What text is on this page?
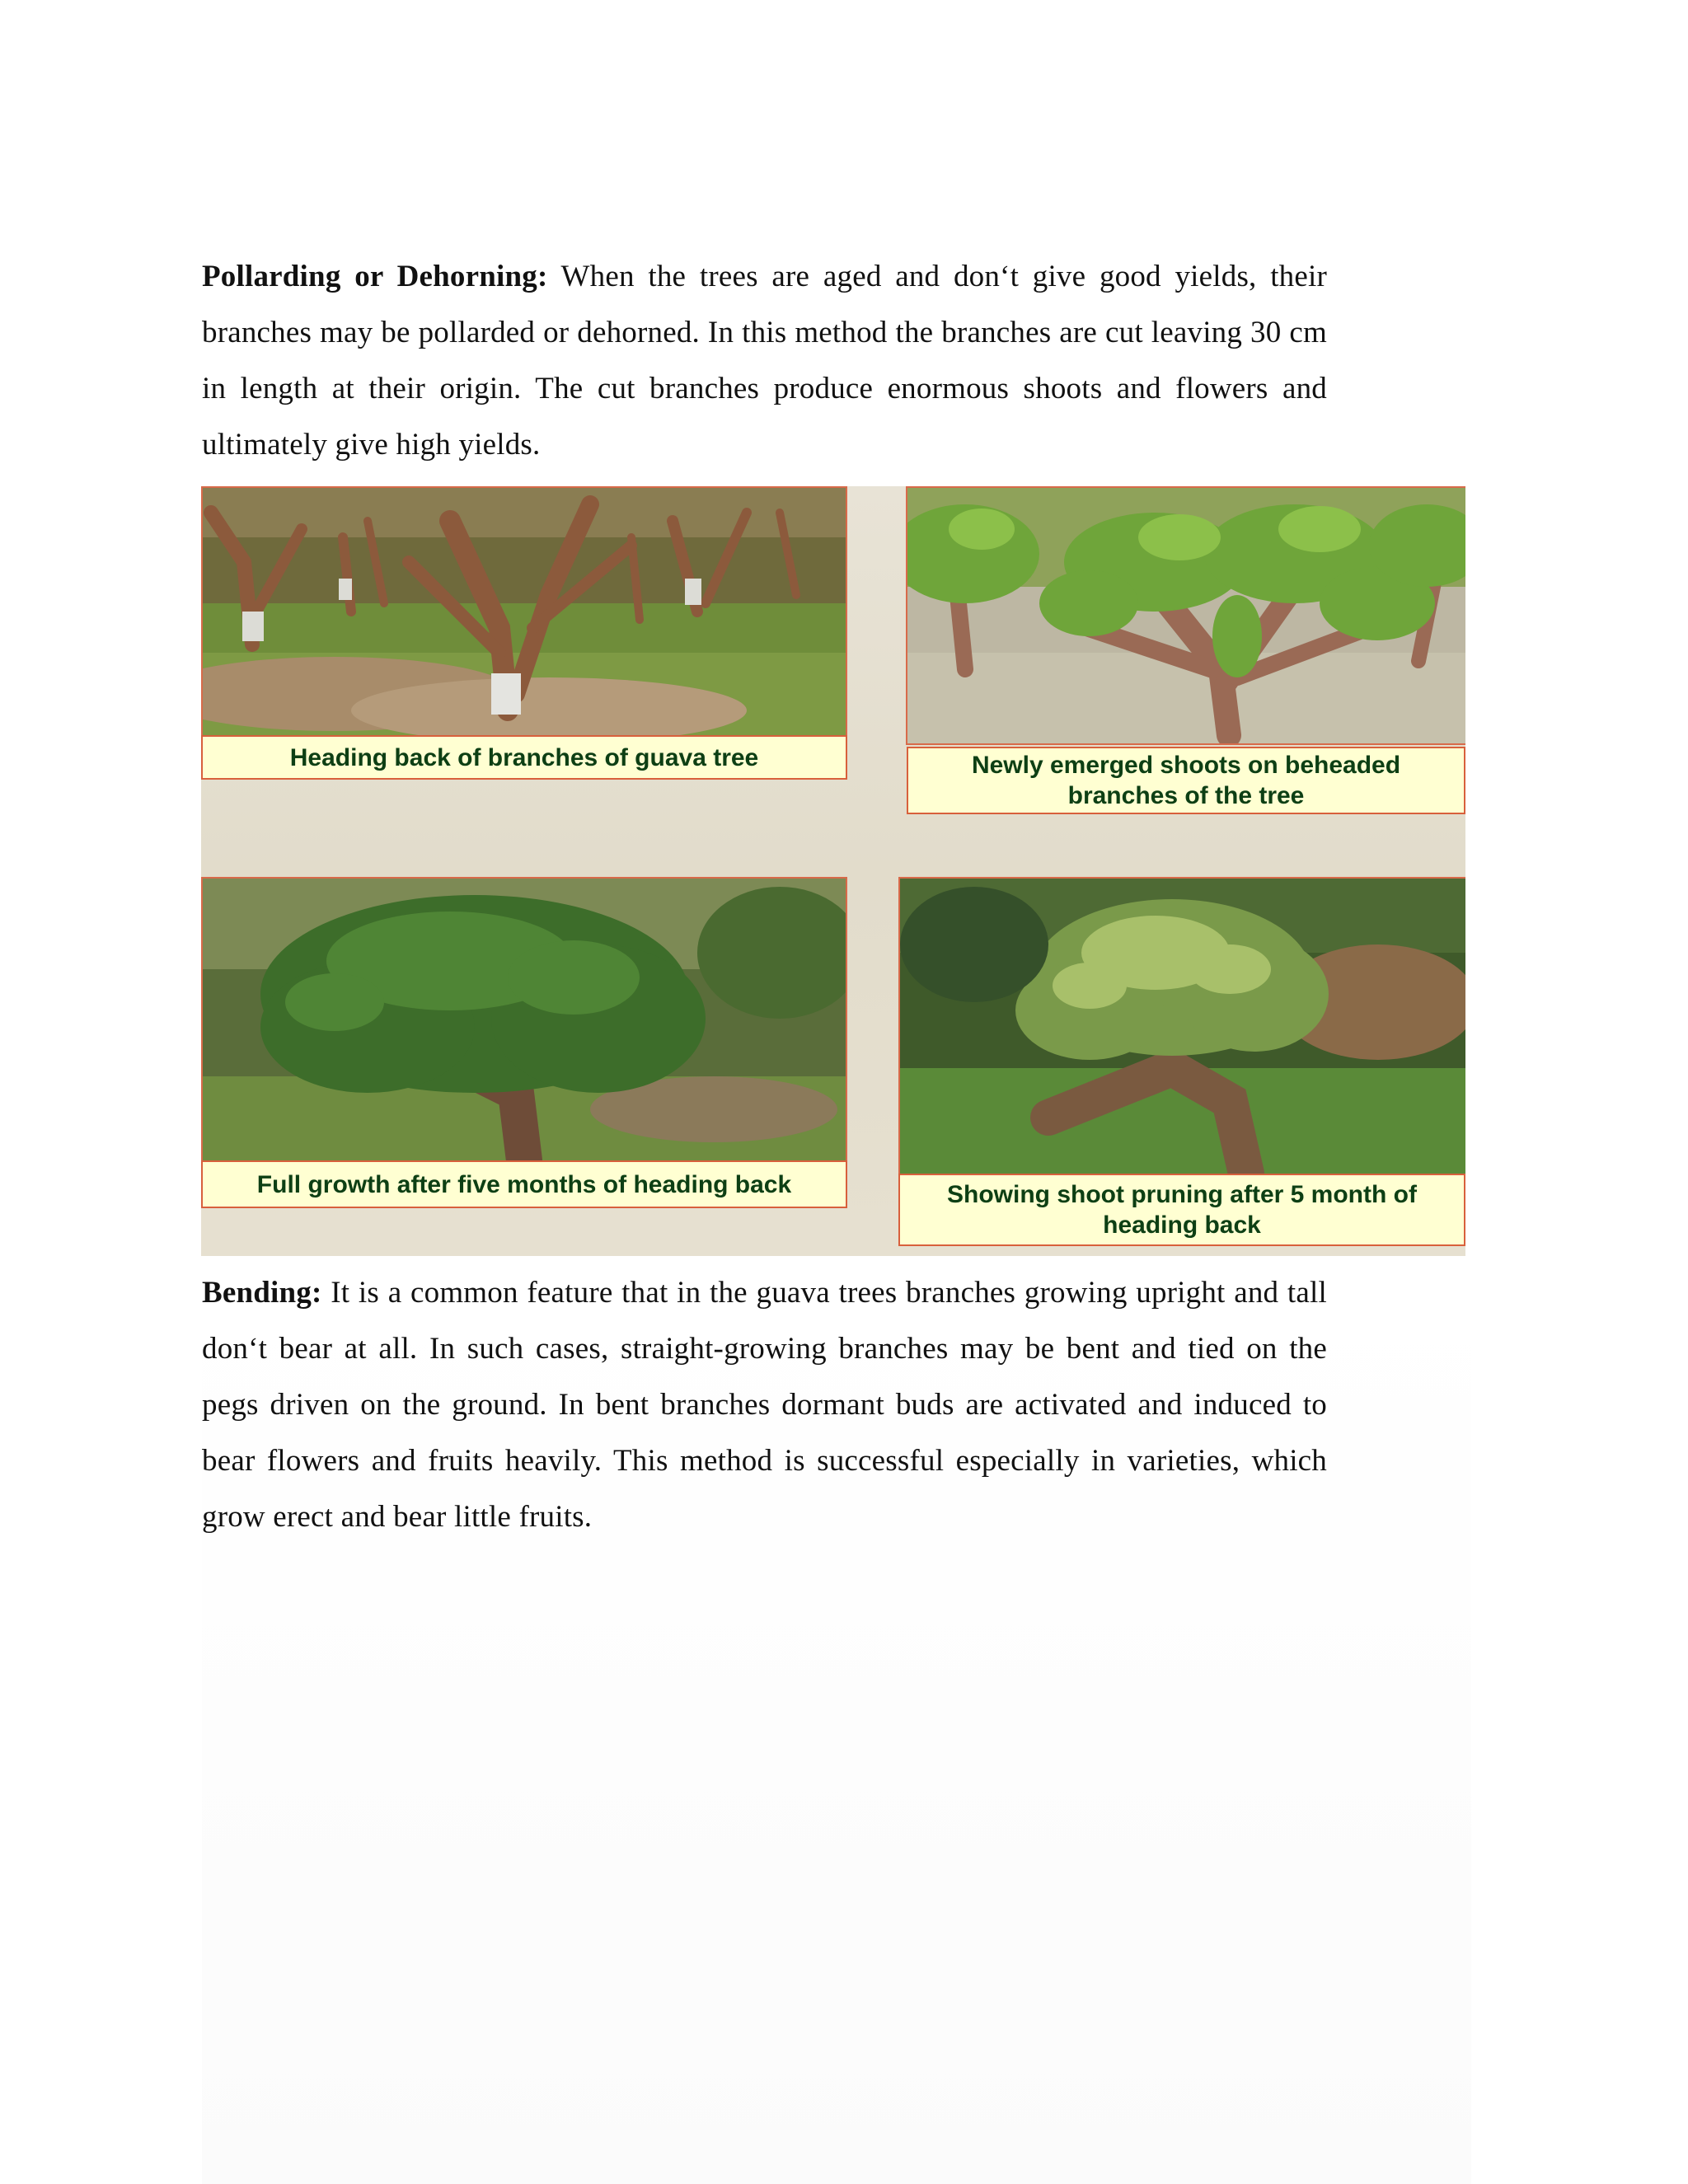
Pollarding or Dehorning: When the trees are aged and don‘t give good yields, their branches may be pollarded or dehorned. In this method the branches are cut leaving 30 cm in length at their origin. The cut branches produce enormous shoots and flowers and ultimately give high yields.

Heading back of branches of guava tree	Newly emerged shoots on beheaded branches of the tree
Full growth after five months of heading back	Showing shoot pruning after 5 month of heading back

Bending: It is a common feature that in the guava trees branches growing upright and tall don‘t bear at all. In such cases, straight-growing branches may be bent and tied on the pegs driven on the ground. In bent branches dormant buds are activated and induced to bear flowers and fruits heavily. This method is successful especially in varieties, which grow erect and bear little fruits.
